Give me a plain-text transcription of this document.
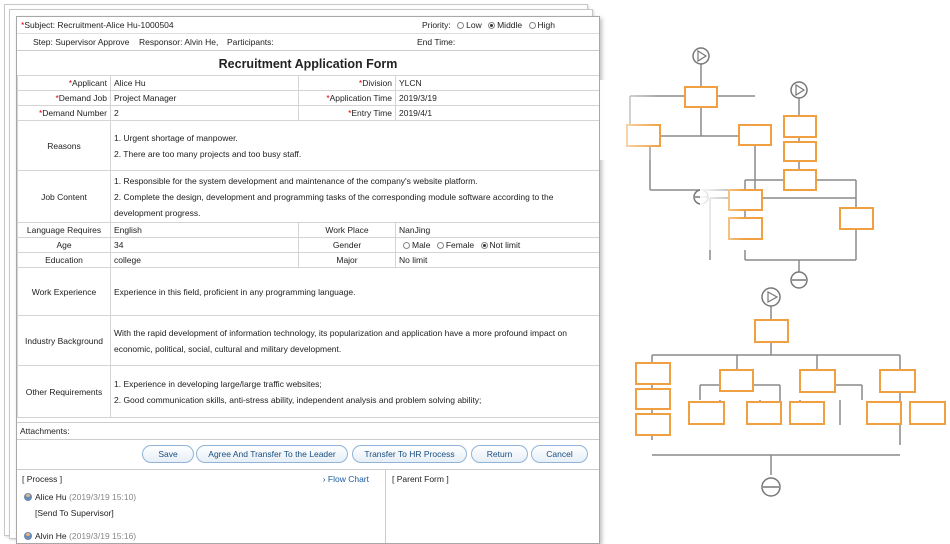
*Subject: Recruitment-Alice Hu-1000504	Priority: Low Middle High
Step: Supervisor Approve Responsor: Alvin He, Participants:	End Time:
Recruitment Application Form
*Applicant	Alice Hu	*Division	YLCN
*Demand Job	Project Manager	*Application Time	2019/3/19
*Demand Number	2	*Entry Time	2019/4/1
Reasons	1. Urgent shortage of manpower.
2. There are too many projects and too busy staff.		

Job Content	1. Responsible for the system development and maintenance of the company's website platform.
2. Complete the design, development and programming tasks of the corresponding module software according to the development progress.		

Language Requires	English	Work Place	NanJing
Age	34	Gender	Male Female Not limit
Education	college	Major	No limit
Work Experience	Experience in this field, proficient in any programming language.		
Industry Background	With the rapid development of information technology, its popularization and application have a more profound impact on economic, political, social, cultural and military development.		
Other Requirements	1. Experience in developing large/large traffic websites;
2. Good communication skills, anti-stress ability, independent analysis and problem solving ability;		
Attachments:
Save	Agree And Transfer To the Leader	Transfer To HR Process	Return	Cancel
[ Process ]	› Flow Chart
Alice Hu (2019/3/19 15:10)
[Send To Supervisor]
Alvin He (2019/3/19 15:16)
[ Parent Form ]
